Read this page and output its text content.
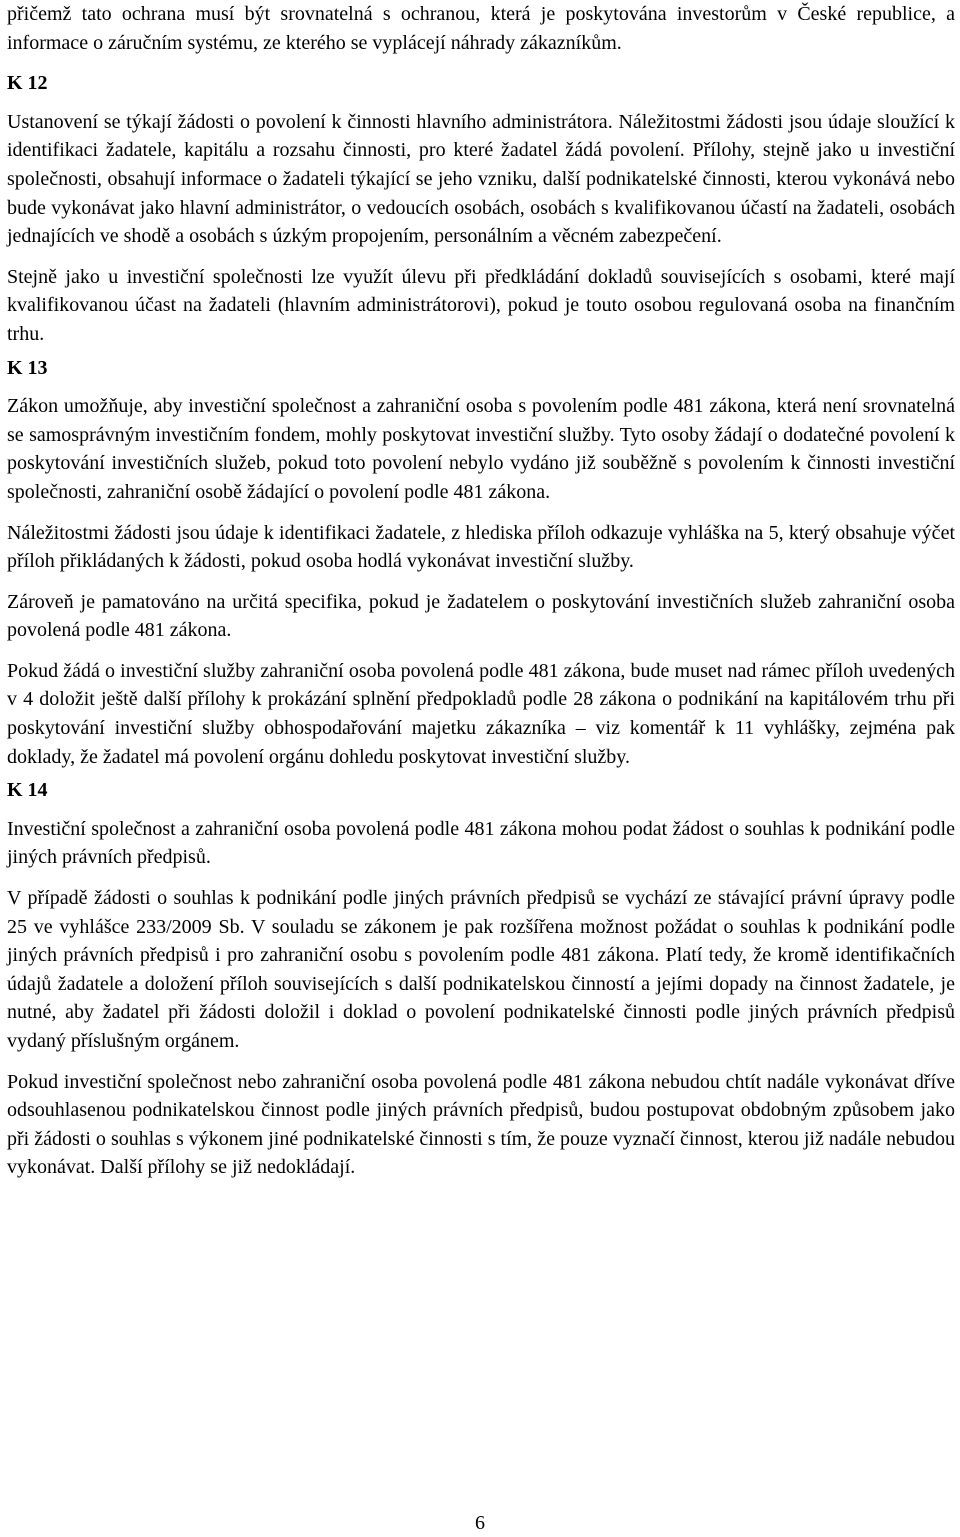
přičemž tato ochrana musí být srovnatelná s ochranou, která je poskytována investorům v České republice, a informace o záručním systému, ze kterého se vyplácejí náhrady zákazníkům.

K 12

Ustanovení se týkají žádosti o povolení k činnosti hlavního administrátora. Náležitostmi žádosti jsou údaje sloužící k identifikaci žadatele, kapitálu a rozsahu činnosti, pro které žadatel žádá povolení. Přílohy, stejně jako u investiční společnosti, obsahují informace o žadateli týkající se jeho vzniku, další podnikatelské činnosti, kterou vykonává nebo bude vykonávat jako hlavní administrátor, o vedoucích osobách, osobách s kvalifikovanou účastí na žadateli, osobách jednajících ve shodě a osobách s úzkým propojením, personálním a věcném zabezpečení.

Stejně jako u investiční společnosti lze využít úlevu při předkládání dokladů souvisejících s osobami, které mají kvalifikovanou účast na žadateli (hlavním administrátorovi), pokud je touto osobou regulovaná osoba na finančním trhu.

K 13

Zákon umožňuje, aby investiční společnost a zahraniční osoba s povolením podle 481 zákona, která není srovnatelná se samosprávným investičním fondem, mohly poskytovat investiční služby. Tyto osoby žádají o dodatečné povolení k poskytování investičních služeb, pokud toto povolení nebylo vydáno již souběžně s povolením k činnosti investiční společnosti, zahraniční osobě žádající o povolení podle 481 zákona.

Náležitostmi žádosti jsou údaje k identifikaci žadatele, z hlediska příloh odkazuje vyhláška na 5, který obsahuje výčet příloh přikládaných k žádosti, pokud osoba hodlá vykonávat investiční služby.

Zároveň je pamatováno na určitá specifika, pokud je žadatelem o poskytování investičních služeb zahraniční osoba povolená podle 481 zákona.

Pokud žádá o investiční služby zahraniční osoba povolená podle 481 zákona, bude muset nad rámec příloh uvedených v 4 doložit ještě další přílohy k prokázání splnění předpokladů podle 28 zákona o podnikání na kapitálovém trhu při poskytování investiční služby obhospodařování majetku zákazníka – viz komentář k 11 vyhlášky, zejména pak doklady, že žadatel má povolení orgánu dohledu poskytovat investiční služby.

K 14

Investiční společnost a zahraniční osoba povolená podle 481 zákona mohou podat žádost o souhlas k podnikání podle jiných právních předpisů.

V případě žádosti o souhlas k podnikání podle jiných právních předpisů se vychází ze stávající právní úpravy podle 25 ve vyhlášce 233/2009 Sb. V souladu se zákonem je pak rozšířena možnost požádat o souhlas k podnikání podle jiných právních předpisů i pro zahraniční osobu s povolením podle 481 zákona. Platí tedy, že kromě identifikačních údajů žadatele a doložení příloh souvisejících s další podnikatelskou činností a jejími dopady na činnost žadatele, je nutné, aby žadatel při žádosti doložil i doklad o povolení podnikatelské činnosti podle jiných právních předpisů vydaný příslušným orgánem.

Pokud investiční společnost nebo zahraniční osoba povolená podle 481 zákona nebudou chtít nadále vykonávat dříve odsouhlasenou podnikatelskou činnost podle jiných právních předpisů, budou postupovat obdobným způsobem jako při žádosti o souhlas s výkonem jiné podnikatelské činnosti s tím, že pouze vyznačí činnost, kterou již nadále nebudou vykonávat. Další přílohy se již nedokládají.

6
